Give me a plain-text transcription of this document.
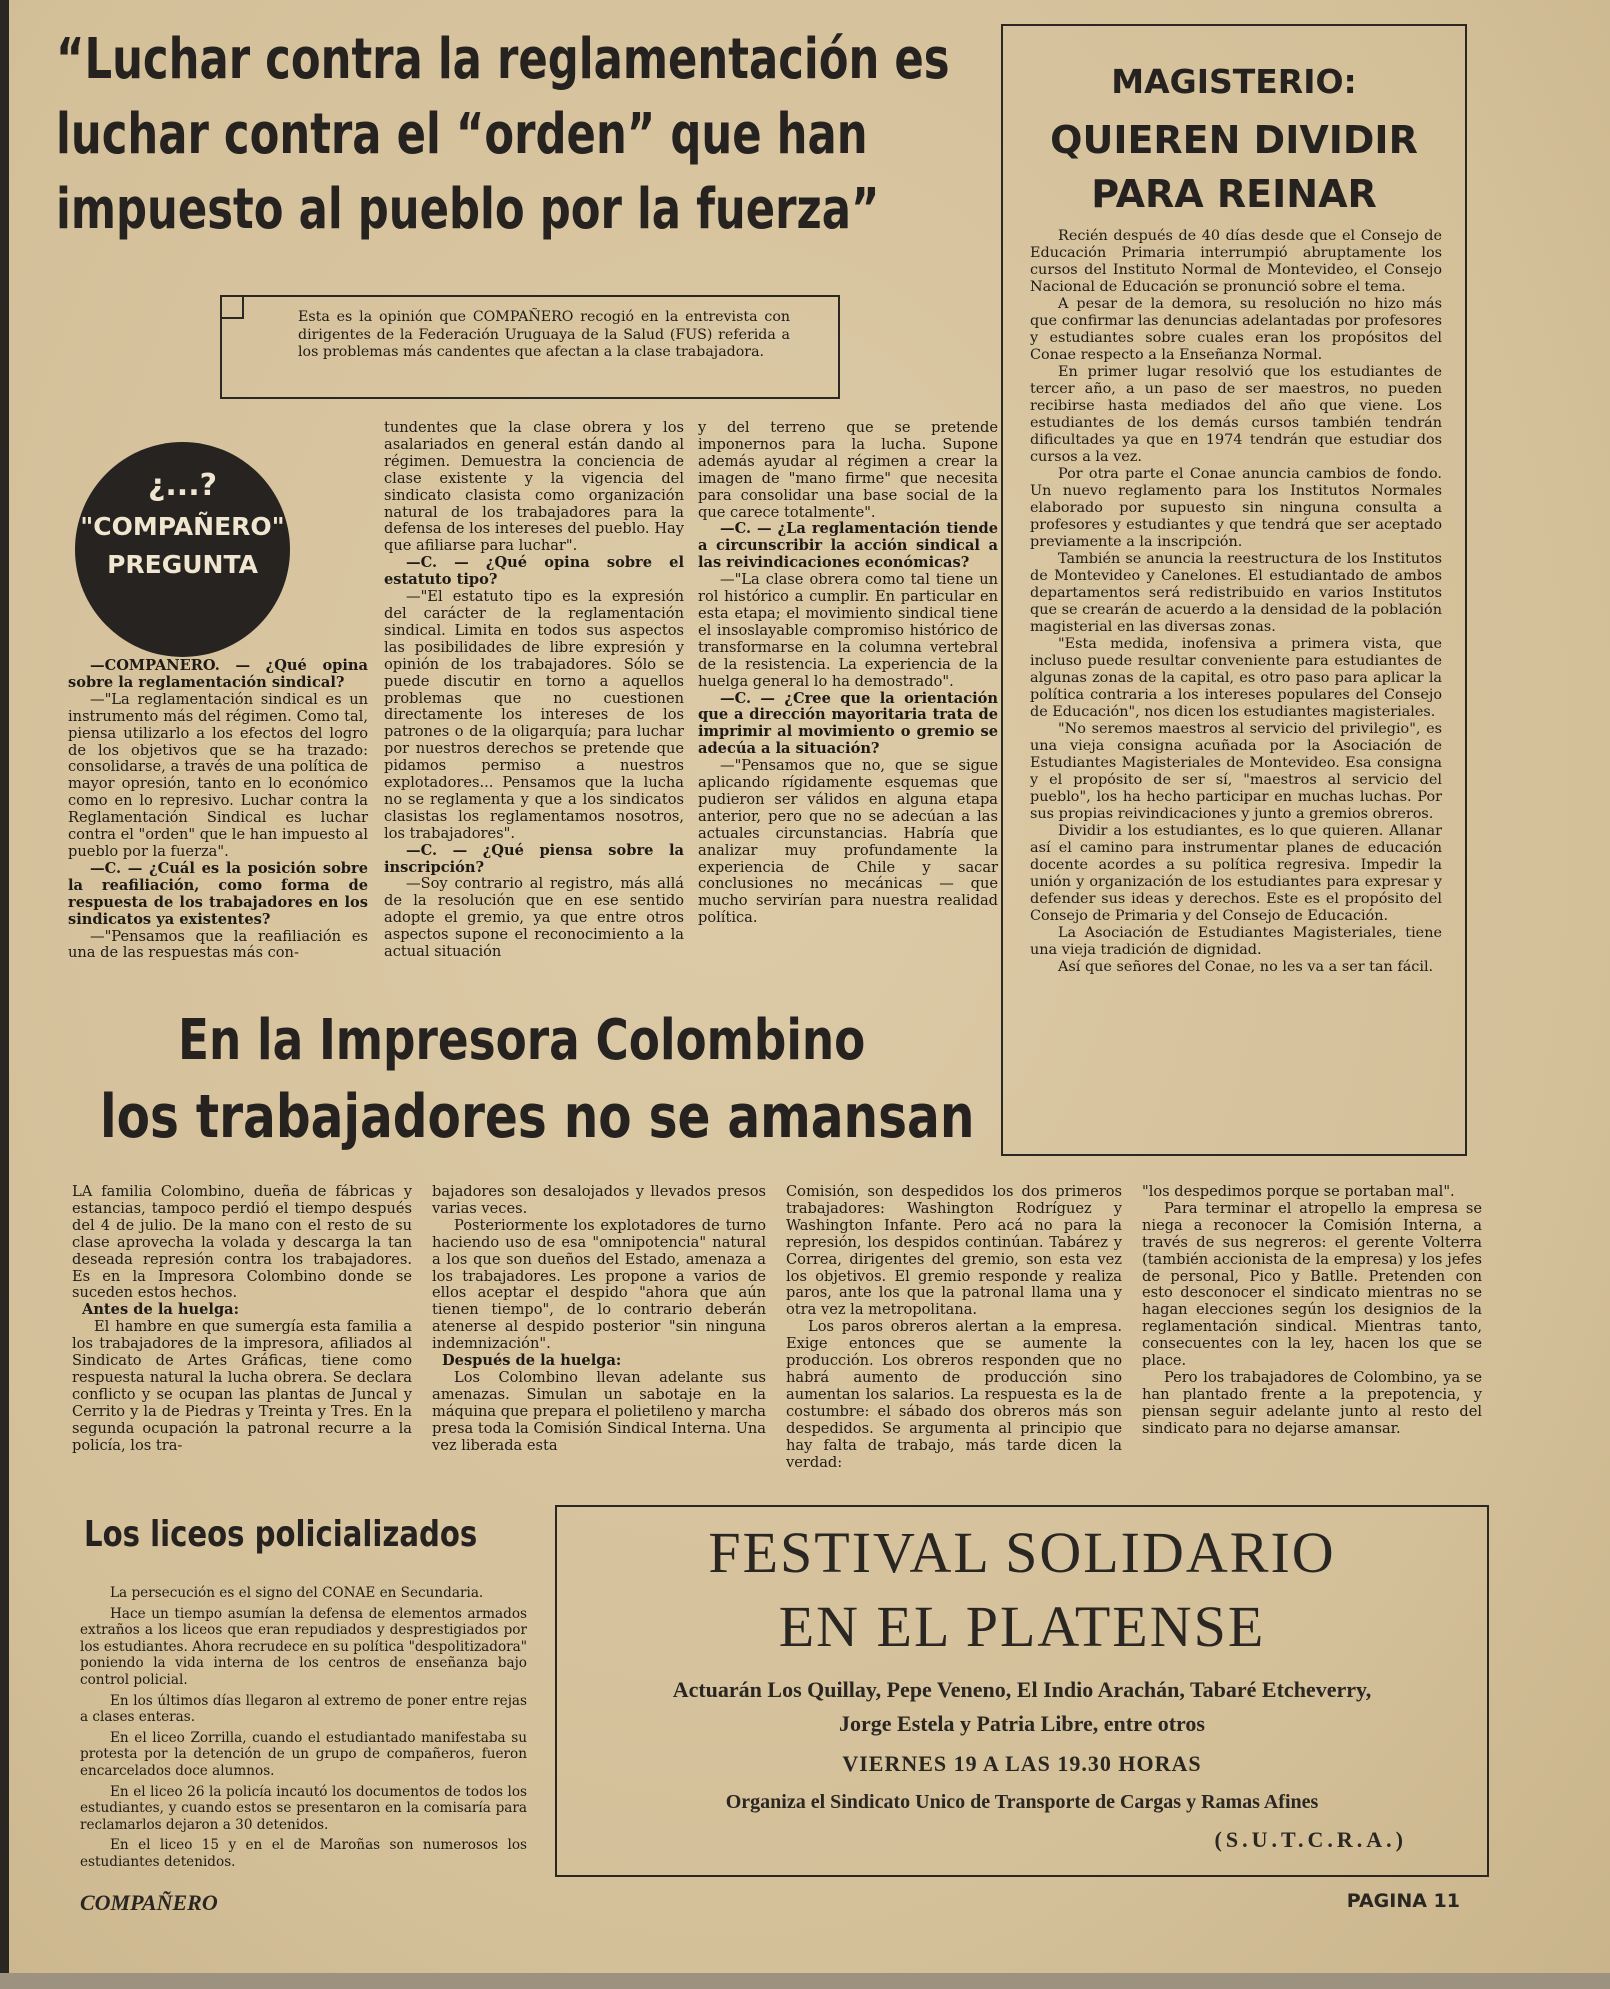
“Luchar contra la reglamentación es luchar contra el “orden” que han impuesto al pueblo por la fuerza”

Esta es la opinión que COMPAÑERO recogió en la entrevista con dirigentes de la Federación Uruguaya de la Salud (FUS) referida a los problemas más candentes que afectan a la clase trabajadora.

¿...?
"COMPAÑERO"
PREGUNTA

—COMPAÑERO. — ¿Qué opina sobre la reglamentación sindical?

—"La reglamentación sindical es un instrumento más del régimen. Como tal, piensa utilizarlo a los efectos del logro de los objetivos que se ha trazado: consolidarse, a través de una política de mayor opresión, tanto en lo económico como en lo represivo. Luchar contra la Reglamentación Sindical es luchar contra el "orden" que le han impuesto al pueblo por la fuerza".

—C. — ¿Cuál es la posición sobre la reafiliación, como forma de respuesta de los trabajadores en los sindicatos ya existentes?

—"Pensamos que la reafiliación es una de las respuestas más con-

tundentes que la clase obrera y los asalariados en general están dando al régimen. Demuestra la conciencia de clase existente y la vigencia del sindicato clasista como organización natural de los trabajadores para la defensa de los intereses del pueblo. Hay que afiliarse para luchar".

—C. — ¿Qué opina sobre el estatuto tipo?

—"El estatuto tipo es la expresión del carácter de la reglamentación sindical. Limita en todos sus aspectos las posibilidades de libre expresión y opinión de los trabajadores. Sólo se puede discutir en torno a aquellos problemas que no cuestionen directamente los intereses de los patrones o de la oligarquía; para luchar por nuestros derechos se pretende que pidamos permiso a nuestros explotadores... Pensamos que la lucha no se reglamenta y que a los sindicatos clasistas los reglamentamos nosotros, los trabajadores".

—C. — ¿Qué piensa sobre la inscripción?

—Soy contrario al registro, más allá de la resolución que en ese sentido adopte el gremio, ya que entre otros aspectos supone el reconocimiento a la actual situación

y del terreno que se pretende imponernos para la lucha. Supone además ayudar al régimen a crear la imagen de "mano firme" que necesita para consolidar una base social de la que carece totalmente".

—C. — ¿La reglamentación tiende a circunscribir la acción sindical a las reivindicaciones económicas?

—"La clase obrera como tal tiene un rol histórico a cumplir. En particular en esta etapa; el movimiento sindical tiene el insoslayable compromiso histórico de transformarse en la columna vertebral de la resistencia. La experiencia de la huelga general lo ha demostrado".

—C. — ¿Cree que la orientación que a dirección mayoritaria trata de imprimir al movimiento o gremio se adecúa a la situación?

—"Pensamos que no, que se sigue aplicando rígidamente esquemas que pudieron ser válidos en alguna etapa anterior, pero que no se adecúan a las actuales circunstancias. Habría que analizar muy profundamente la experiencia de Chile y sacar conclusiones no mecánicas — que mucho servirían para nuestra realidad política.

MAGISTERIO:
QUIEREN DIVIDIR
PARA REINAR

Recién después de 40 días desde que el Consejo de Educación Primaria interrumpió abruptamente los cursos del Instituto Normal de Montevideo, el Consejo Nacional de Educación se pronunció sobre el tema.

A pesar de la demora, su resolución no hizo más que confirmar las denuncias adelantadas por profesores y estudiantes sobre cuales eran los propósitos del Conae respecto a la Enseñanza Normal.

En primer lugar resolvió que los estudiantes de tercer año, a un paso de ser maestros, no pueden recibirse hasta mediados del año que viene. Los estudiantes de los demás cursos también tendrán dificultades ya que en 1974 tendrán que estudiar dos cursos a la vez.

Por otra parte el Conae anuncia cambios de fondo. Un nuevo reglamento para los Institutos Normales elaborado por supuesto sin ninguna consulta a profesores y estudiantes y que tendrá que ser aceptado previamente a la inscripción.

También se anuncia la reestructura de los Institutos de Montevideo y Canelones. El estudiantado de ambos departamentos será redistribuido en varios Institutos que se crearán de acuerdo a la densidad de la población magisterial en las diversas zonas.

"Esta medida, inofensiva a primera vista, que incluso puede resultar conveniente para estudiantes de algunas zonas de la capital, es otro paso para aplicar la política contraria a los intereses populares del Consejo de Educación", nos dicen los estudiantes magisteriales.

"No seremos maestros al servicio del privilegio", es una vieja consigna acuñada por la Asociación de Estudiantes Magisteriales de Montevideo. Esa consigna y el propósito de ser sí, "maestros al servicio del pueblo", los ha hecho participar en muchas luchas. Por sus propias reivindicaciones y junto a gremios obreros.

Dividir a los estudiantes, es lo que quieren. Allanar así el camino para instrumentar planes de educación docente acordes a su política regresiva. Impedir la unión y organización de los estudiantes para expresar y defender sus ideas y derechos. Este es el propósito del Consejo de Primaria y del Consejo de Educación.

La Asociación de Estudiantes Magisteriales, tiene una vieja tradición de dignidad.

Así que señores del Conae, no les va a ser tan fácil.

En la Impresora Colombino
los trabajadores no se amansan

LA familia Colombino, dueña de fábricas y estancias, tampoco perdió el tiempo después del 4 de julio. De la mano con el resto de su clase aprovecha la volada y descarga la tan deseada represión contra los trabajadores. Es en la Impresora Colombino donde se suceden estos hechos.

Antes de la huelga:

El hambre en que sumergía esta familia a los trabajadores de la impresora, afiliados al Sindicato de Artes Gráficas, tiene como respuesta natural la lucha obrera. Se declara conflicto y se ocupan las plantas de Juncal y Cerrito y la de Piedras y Treinta y Tres. En la segunda ocupación la patronal recurre a la policía, los tra-

bajadores son desalojados y llevados presos varias veces.

Posteriormente los explotadores de turno haciendo uso de esa "omnipotencia" natural a los que son dueños del Estado, amenaza a los trabajadores. Les propone a varios de ellos aceptar el despido "ahora que aún tienen tiempo", de lo contrario deberán atenerse al despido posterior "sin ninguna indemnización".

Después de la huelga:

Los Colombino llevan adelante sus amenazas. Simulan un sabotaje en la máquina que prepara el polietileno y marcha presa toda la Comisión Sindical Interna. Una vez liberada esta

Comisión, son despedidos los dos primeros trabajadores: Washington Rodríguez y Washington Infante. Pero acá no para la represión, los despidos continúan. Tabárez y Correa, dirigentes del gremio, son esta vez los objetivos. El gremio responde y realiza paros, ante los que la patronal llama una y otra vez la metropolitana.

Los paros obreros alertan a la empresa. Exige entonces que se aumente la producción. Los obreros responden que no habrá aumento de producción sino aumentan los salarios. La respuesta es la de costumbre: el sábado dos obreros más son despedidos. Se argumenta al principio que hay falta de trabajo, más tarde dicen la verdad:

"los despedimos porque se portaban mal".

Para terminar el atropello la empresa se niega a reconocer la Comisión Interna, a través de sus negreros: el gerente Volterra (también accionista de la empresa) y los jefes de personal, Pico y Batlle. Pretenden con esto desconocer el sindicato mientras no se hagan elecciones según los designios de la reglamentación sindical. Mientras tanto, consecuentes con la ley, hacen los que se place.

Pero los trabajadores de Colombino, ya se han plantado frente a la prepotencia, y piensan seguir adelante junto al resto del sindicato para no dejarse amansar.

Los liceos policializados

La persecución es el signo del CONAE en Secundaria.

Hace un tiempo asumían la defensa de elementos armados extraños a los liceos que eran repudiados y desprestigiados por los estudiantes. Ahora recrudece en su política "despolitizadora" poniendo la vida interna de los centros de enseñanza bajo control policial.

En los últimos días llegaron al extremo de poner entre rejas a clases enteras.

En el liceo Zorrilla, cuando el estudiantado manifestaba su protesta por la detención de un grupo de compañeros, fueron encarcelados doce alumnos.

En el liceo 26 la policía incautó los documentos de todos los estudiantes, y cuando estos se presentaron en la comisaría para reclamarlos dejaron a 30 detenidos.

En el liceo 15 y en el de Maroñas son numerosos los estudiantes detenidos.

FESTIVAL SOLIDARIO
EN EL PLATENSE
Actuarán Los Quillay, Pepe Veneno, El Indio Arachán, Tabaré Etcheverry,
Jorge Estela y Patria Libre, entre otros
VIERNES 19 A LAS 19.30 HORAS
Organiza el Sindicato Unico de Transporte de Cargas y Ramas Afines
(S.U.T.C.R.A.)
COMPAÑERO	PAGINA 11
